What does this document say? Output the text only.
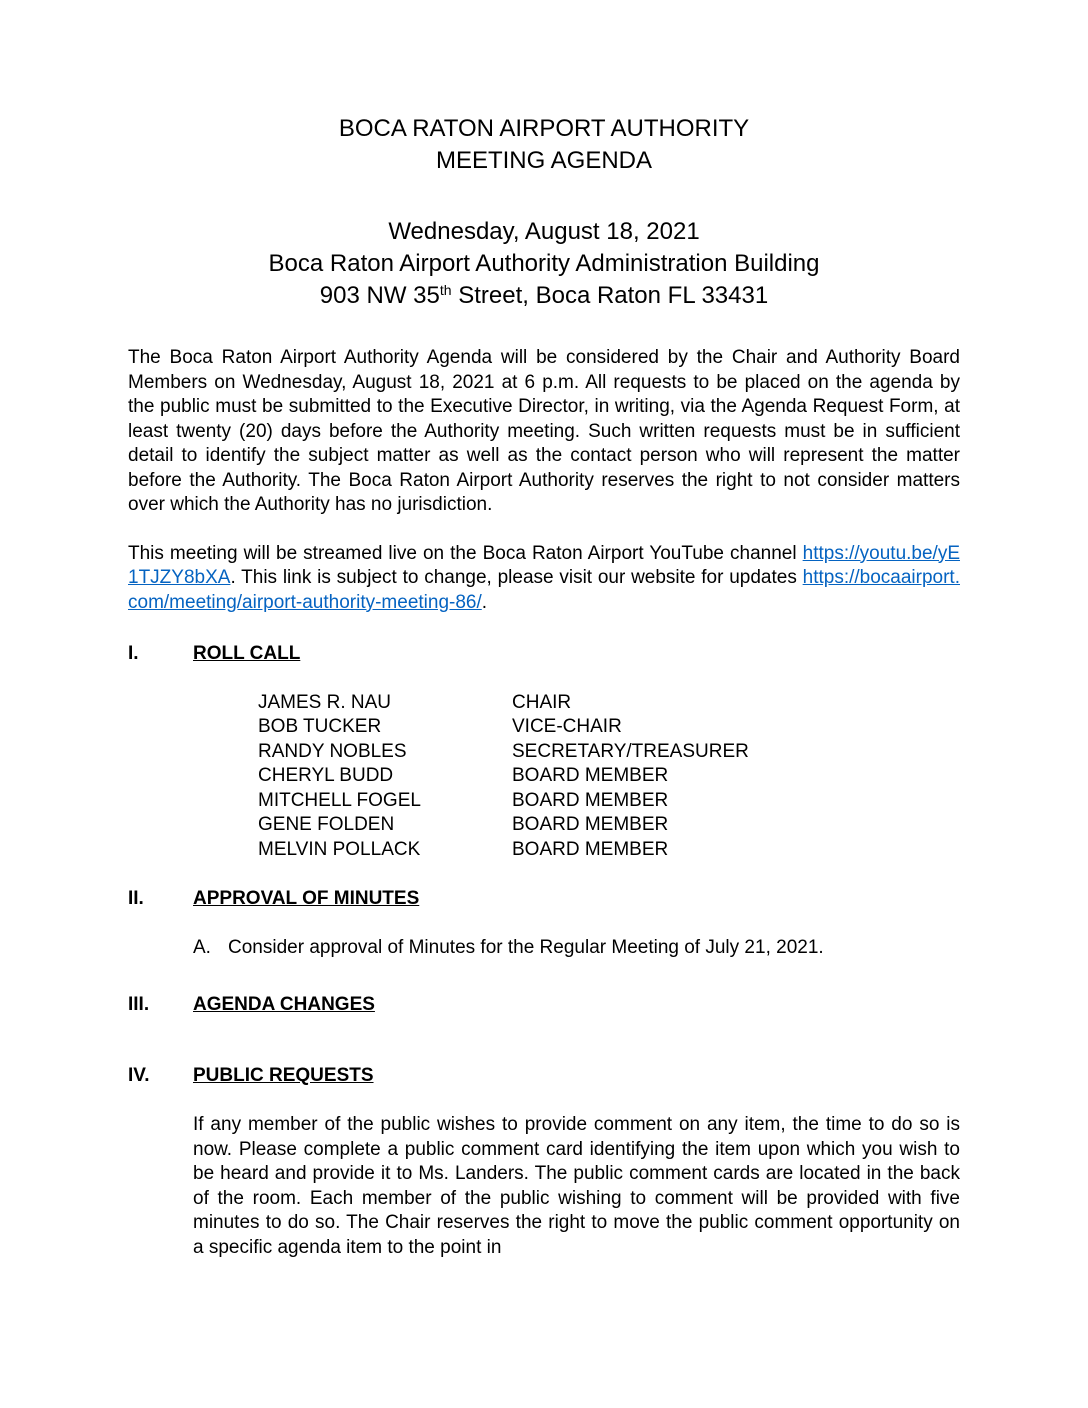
BOCA RATON AIRPORT AUTHORITY
MEETING AGENDA
Wednesday, August 18, 2021
Boca Raton Airport Authority Administration Building
903 NW 35th Street, Boca Raton FL 33431

The Boca Raton Airport Authority Agenda will be considered by the Chair and Authority Board Members on Wednesday, August 18, 2021 at 6 p.m. All requests to be placed on the agenda by the public must be submitted to the Executive Director, in writing, via the Agenda Request Form, at least twenty (20) days before the Authority meeting. Such written requests must be in sufficient detail to identify the subject matter as well as the contact person who will represent the matter before the Authority. The Boca Raton Airport Authority reserves the right to not consider matters over which the Authority has no jurisdiction.

This meeting will be streamed live on the Boca Raton Airport YouTube channel https://youtu.be/yE1TJZY8bXA. This link is subject to change, please visit our website for updates https://bocaairport.com/meeting/airport-authority-meeting-86/.

I.	ROLL CALL
JAMES R. NAU	CHAIR
BOB TUCKER	VICE-CHAIR
RANDY NOBLES	SECRETARY/TREASURER
CHERYL BUDD	BOARD MEMBER
MITCHELL FOGEL	BOARD MEMBER
GENE FOLDEN	BOARD MEMBER
MELVIN POLLACK	BOARD MEMBER
II.	APPROVAL OF MINUTES
A. Consider approval of Minutes for the Regular Meeting of July 21, 2021.
III.	AGENDA CHANGES
IV.	PUBLIC REQUESTS

If any member of the public wishes to provide comment on any item, the time to do so is now. Please complete a public comment card identifying the item upon which you wish to be heard and provide it to Ms. Landers. The public comment cards are located in the back of the room. Each member of the public wishing to comment will be provided with five minutes to do so. The Chair reserves the right to move the public comment opportunity on a specific agenda item to the point in
